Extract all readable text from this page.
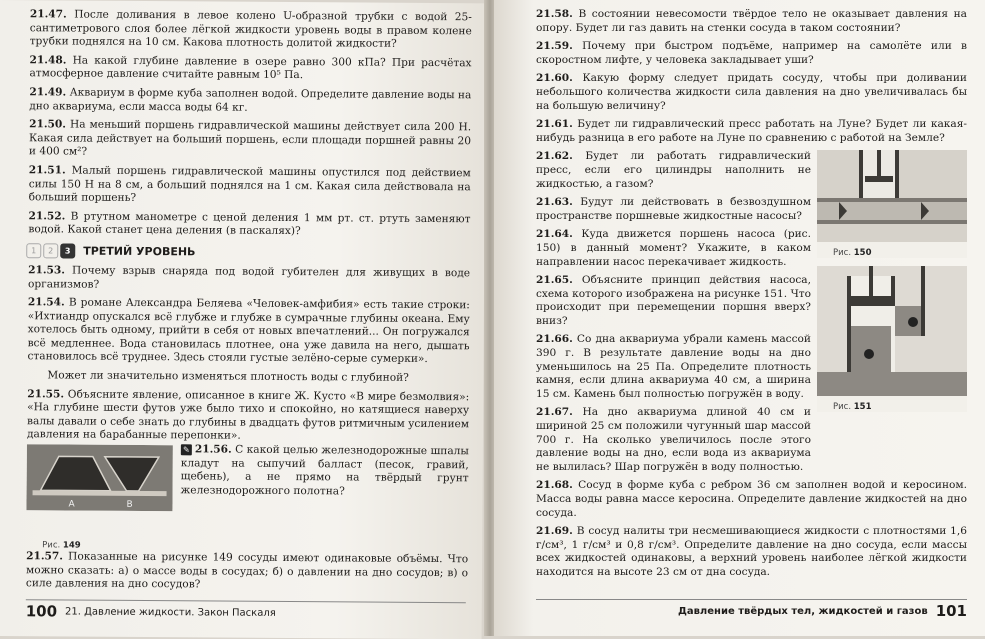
21.47. После доливания в левое колено U-образной трубки с водой 25-сантиметрового слоя более лёгкой жидкости уровень воды в правом колене трубки поднялся на 10 см. Какова плотность долитой жидкости?

21.48. На какой глубине давление в озере равно 300 кПа? При расчётах атмосферное давление считайте равным 10⁵ Па.

21.49. Аквариум в форме куба заполнен водой. Определите давление воды на дно аквариума, если масса воды 64 кг.

21.50. На меньший поршень гидравлической машины действует сила 200 Н. Какая сила действует на больший поршень, если площади поршней равны 20 и 400 см²?

21.51. Малый поршень гидравлической машины опустился под действием силы 150 Н на 8 см, а больший поднялся на 1 см. Какая сила действовала на больший поршень?

21.52. В ртутном манометре с ценой деления 1 мм рт. ст. ртуть заменяют водой. Какой станет цена деления (в паскалях)?

1	2	3	ТРЕТИЙ УРОВЕНЬ

21.53. Почему взрыв снаряда под водой губителен для живущих в воде организмов?

21.54. В романе Александра Беляева «Человек-амфибия» есть такие строки: «Ихтиандр опускался всё глубже и глубже в сумрачные глубины океана. Ему хотелось быть одному, прийти в себя от новых впечатлений... Он погружался всё медленнее. Вода становилась плотнее, она уже давила на него, дышать становилось всё труднее. Здесь стояли густые зелёно-серые сумерки».

Может ли значительно изменяться плотность воды с глубиной?

21.55. Объясните явление, описанное в книге Ж. Кусто «В мире безмолвия»: «На глубине шести футов уже было тихо и спокойно, но катящиеся наверху валы давали о себе знать до глубины в двадцать футов ритмичным усилением давления на барабанные перепонки».

A	B
Рис. 149

✎ 21.56. С какой целью железнодорожные шпалы кладут на сыпучий балласт (песок, гравий, щебень), а не прямо на твёрдый грунт железнодорожного полотна?

21.57. Показанные на рисунке 149 сосуды имеют одинаковые объёмы. Что можно сказать: а) о массе воды в сосудах; б) о давлении на дно сосудов; в) о силе давления на дно сосудов?

100 21. Давление жидкости. Закон Паскаля

21.58. В состоянии невесомости твёрдое тело не оказывает давления на опору. Будет ли газ давить на стенки сосуда в таком состоянии?

21.59. Почему при быстром подъёме, например на самолёте или в скоростном лифте, у человека закладывает уши?

21.60. Какую форму следует придать сосуду, чтобы при доливании небольшого количества жидкости сила давления на дно увеличивалась бы на большую величину?

21.61. Будет ли гидравлический пресс работать на Луне? Будет ли какая-нибудь разница в его работе на Луне по сравнению с работой на Земле?

21.62. Будет ли работать гидравлический пресс, если его цилиндры наполнить не жидкостью, а газом?

21.63. Будут ли действовать в безвоздушном пространстве поршневые жидкостные насосы?

21.64. Куда движется поршень насоса (рис. 150) в данный момент? Укажите, в каком направлении насос перекачивает жидкость.

21.65. Объясните принцип действия насоса, схема которого изображена на рисунке 151. Что происходит при перемещении поршня вверх? вниз?

21.66. Со дна аквариума убрали камень массой 390 г. В результате давление воды на дно уменьшилось на 25 Па. Определите плотность камня, если длина аквариума 40 см, а ширина 15 см. Камень был полностью погружён в воду.

21.67. На дно аквариума длиной 40 см и шириной 25 см положили чугунный шар массой 700 г. На сколько увеличилось после этого давление воды на дно, если вода из аквариума не вылилась? Шар погружён в воду полностью.

Рис. 150
Рис. 151

21.68. Сосуд в форме куба с ребром 36 см заполнен водой и керосином. Масса воды равна массе керосина. Определите давление жидкостей на дно сосуда.

21.69. В сосуд налиты три несмешивающиеся жидкости с плотностями 1,6 г/см³, 1 г/см³ и 0,8 г/см³. Определите давление на дно сосуда, если массы всех жидкостей одинаковы, а верхний уровень наиболее лёгкой жидкости находится на высоте 23 см от дна сосуда.

Давление твёрдых тел, жидкостей и газов 101
